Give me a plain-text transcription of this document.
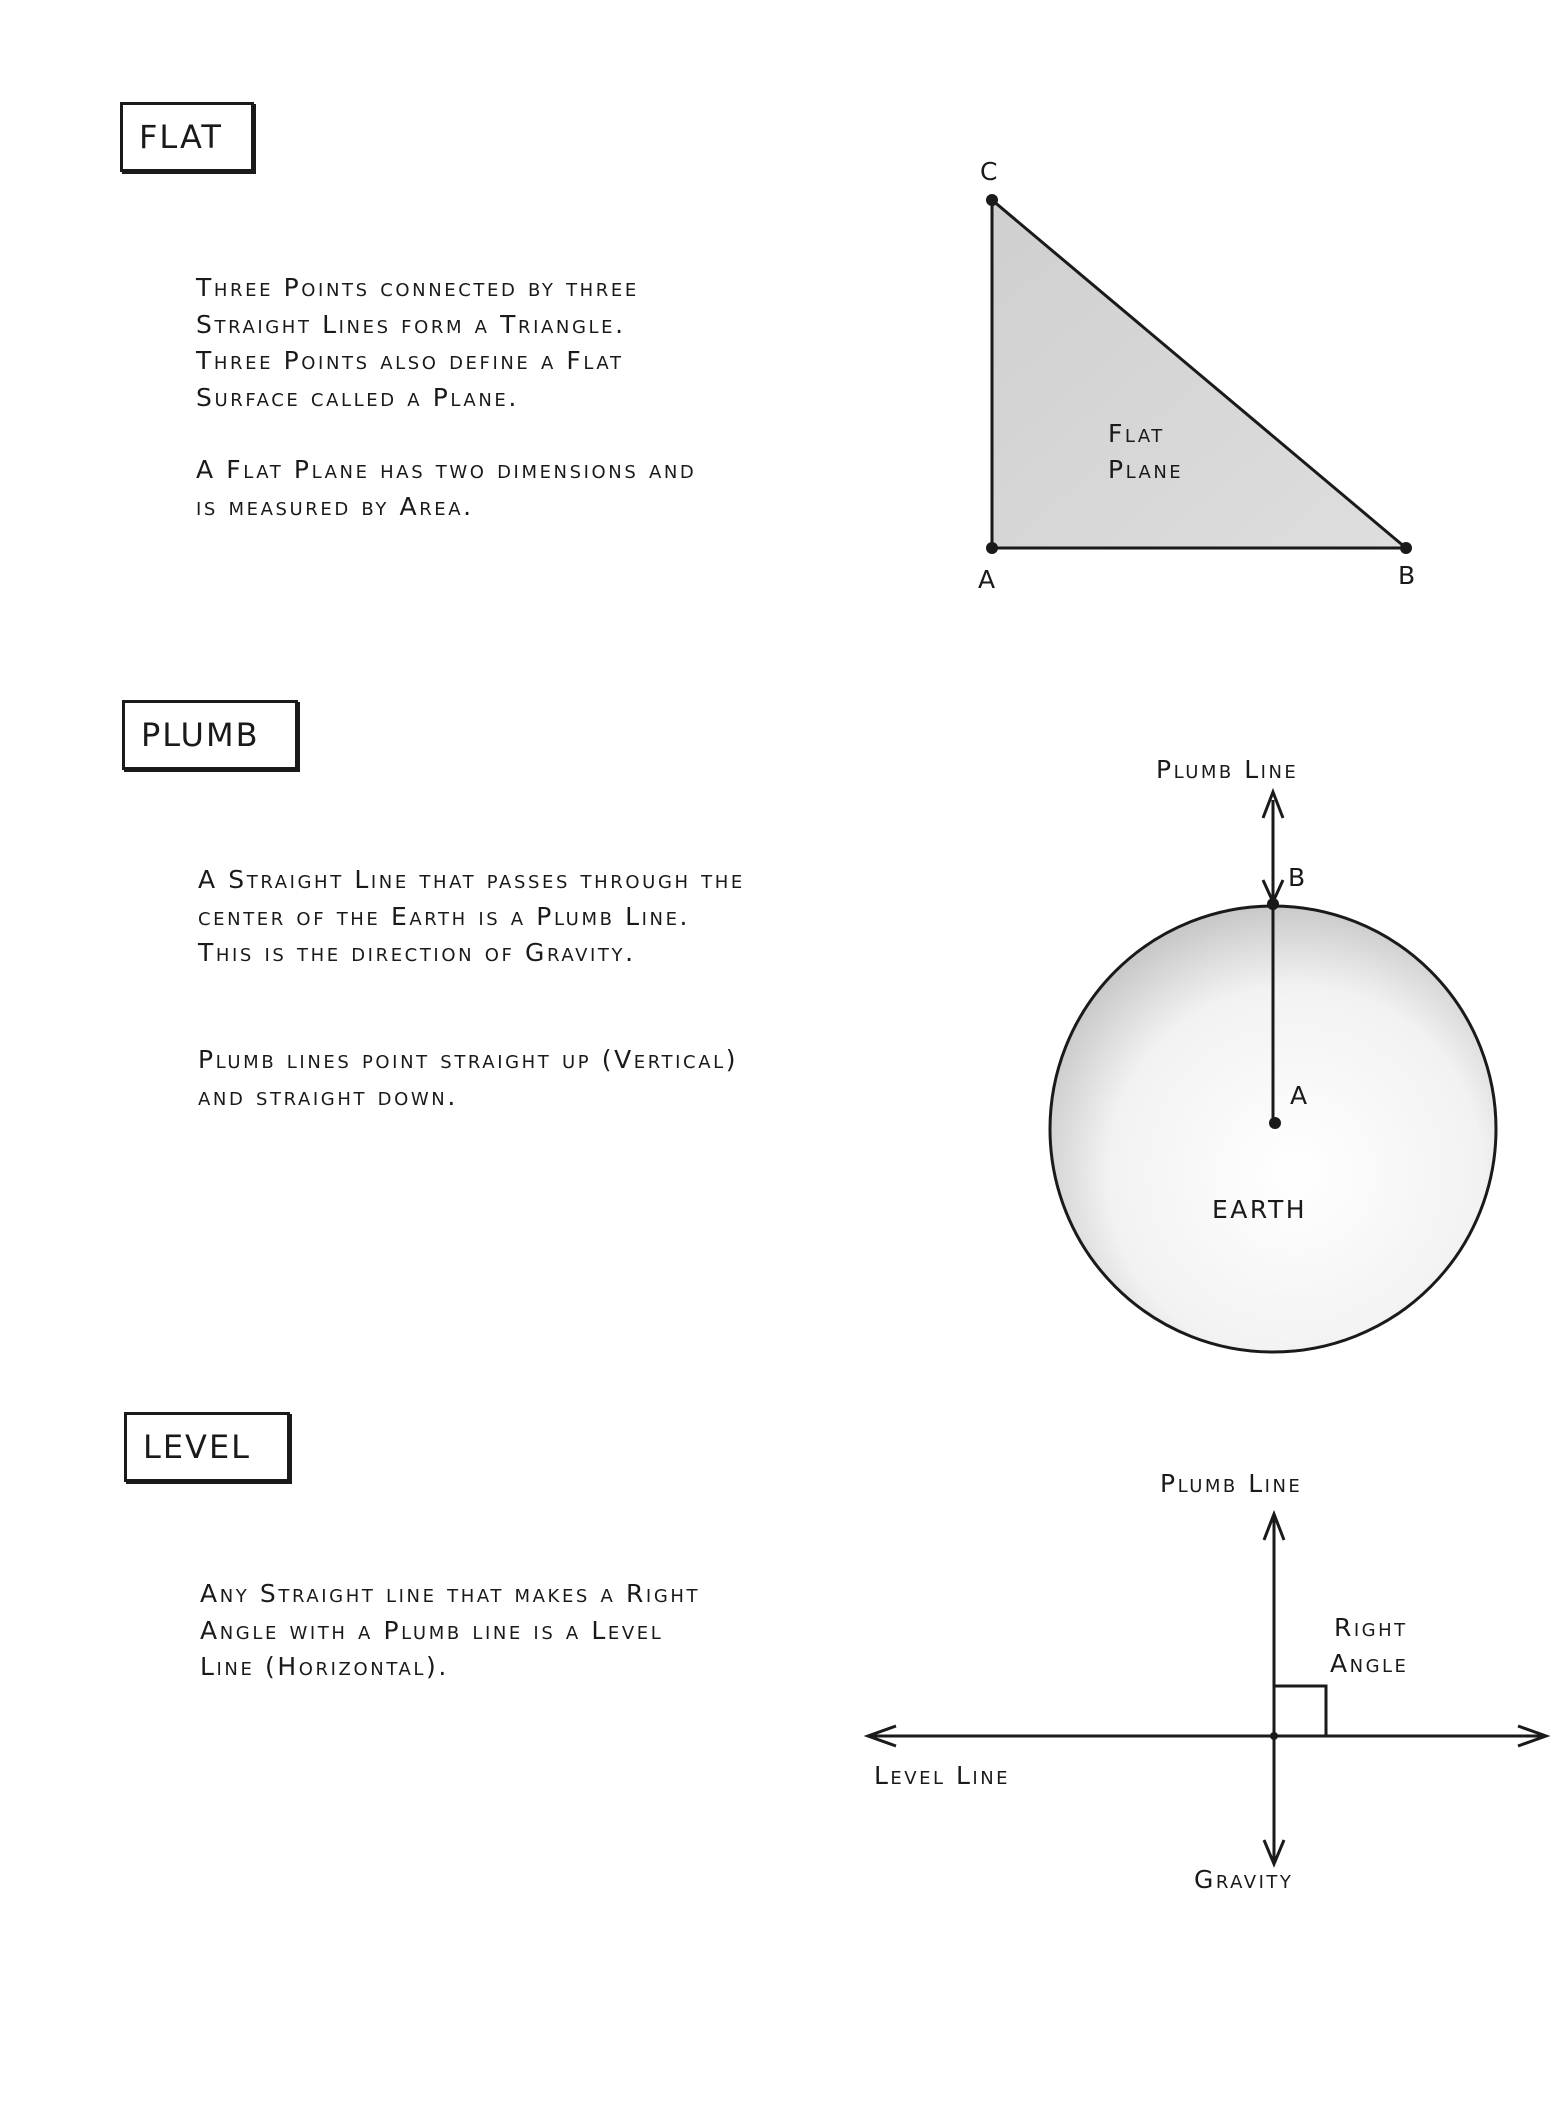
FLAT

Three Points connected by three
Straight Lines form a Triangle.
Three Points also define a Flat
Surface called a Plane.

A Flat Plane has two dimensions and
is measured by Area.

PLUMB

A Straight Line that passes through the
center of the Earth is a Plumb Line.
This is the direction of Gravity.

Plumb lines point straight up (Vertical)
and straight down.

LEVEL

Any Straight line that makes a Right
Angle with a Plumb line is a Level
Line (Horizontal).

C
A	B
Flat
Plane
Plumb Line
B
A
EARTH
Plumb Line
Right
Angle
Level Line
Gravity
